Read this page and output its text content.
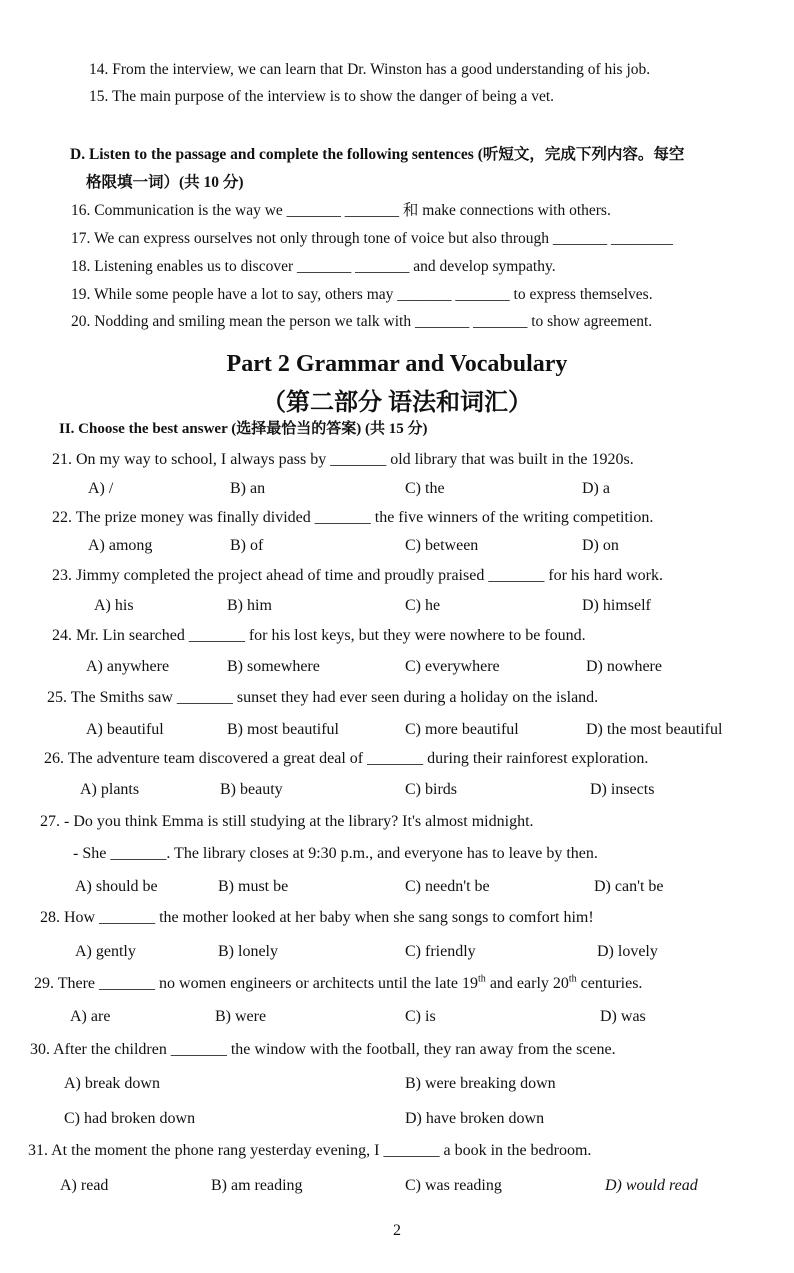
14. From the interview, we can learn that Dr. Winston has a good understanding of his job.
15. The main purpose of the interview is to show the danger of being a vet.
D. Listen to the passage and complete the following sentences (听短文，完成下列内容。每空
格限填一词）(共 10 分)
16. Communication is the way we _______ _______ 和 make connections with others.
17. We can express ourselves not only through tone of voice but also through _______ ________
18. Listening enables us to discover _______ _______ and develop sympathy.
19. While some people have a lot to say, others may _______ _______ to express themselves.
20. Nodding and smiling mean the person we talk with _______ _______ to show agreement.
Part 2 Grammar and Vocabulary
（第二部分 语法和词汇）
II. Choose the best answer (选择最恰当的答案) (共 15 分)
21. On my way to school, I always pass by _______ old library that was built in the 1920s.
A) /	B) an	C) the	D) a
22. The prize money was finally divided _______ the five winners of the writing competition.
A) among	B) of	C) between	D) on
23. Jimmy completed the project ahead of time and proudly praised _______ for his hard work.
A) his	B) him	C) he	D) himself
24. Mr. Lin searched _______ for his lost keys, but they were nowhere to be found.
A) anywhere	B) somewhere	C) everywhere	D) nowhere
25. The Smiths saw _______ sunset they had ever seen during a holiday on the island.
A) beautiful	B) most beautiful	C) more beautiful	D) the most beautiful
26. The adventure team discovered a great deal of _______ during their rainforest exploration.
A) plants	B) beauty	C) birds	D) insects
27. - Do you think Emma is still studying at the library? It's almost midnight.
- She _______. The library closes at 9:30 p.m., and everyone has to leave by then.
A) should be	B) must be	C) needn't be	D) can't be
28. How _______ the mother looked at her baby when she sang songs to comfort him!
A) gently	B) lonely	C) friendly	D) lovely
29. There _______ no women engineers or architects until the late 19th and early 20th centuries.
A) are	B) were	C) is	D) was
30. After the children _______ the window with the football, they ran away from the scene.
A) break down	B) were breaking down
C) had broken down	D) have broken down
31. At the moment the phone rang yesterday evening, I _______ a book in the bedroom.
A) read	B) am reading	C) was reading	D) would read
2
